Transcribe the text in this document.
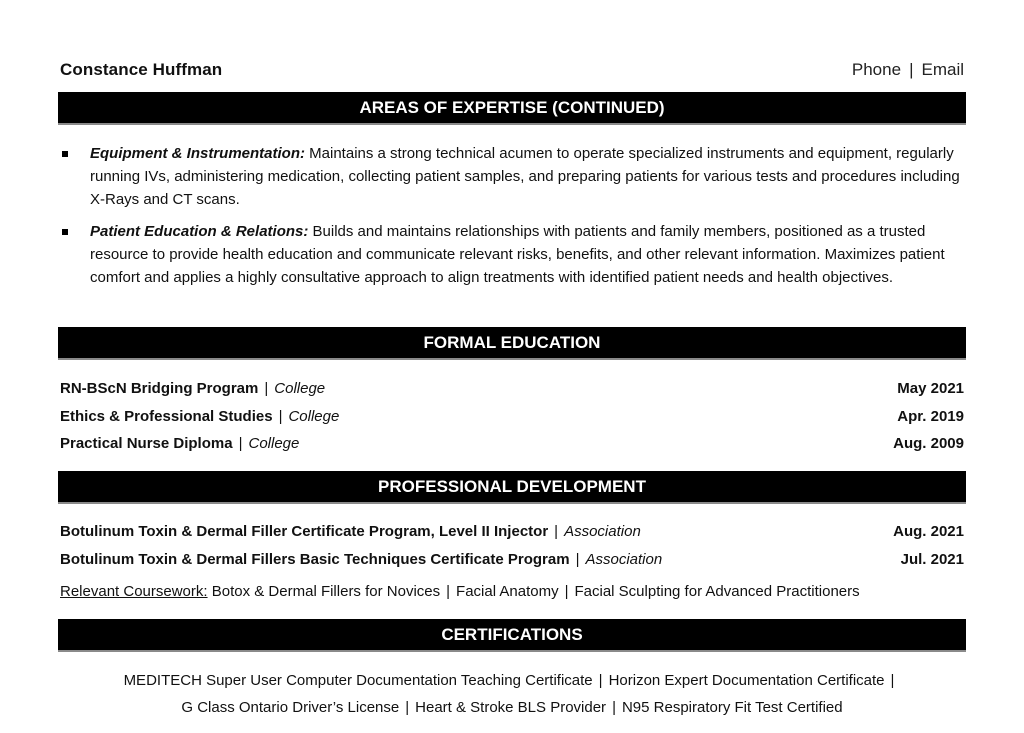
Constance Huffman	Phone | Email
AREAS OF EXPERTISE (CONTINUED)
Equipment & Instrumentation: Maintains a strong technical acumen to operate specialized instruments and equipment, regularly running IVs, administering medication, collecting patient samples, and preparing patients for various tests and procedures including X-Rays and CT scans.
Patient Education & Relations: Builds and maintains relationships with patients and family members, positioned as a trusted resource to provide health education and communicate relevant risks, benefits, and other relevant information. Maximizes patient comfort and applies a highly consultative approach to align treatments with identified patient needs and health objectives.
FORMAL EDUCATION
RN-BScN Bridging Program | College	May 2021
Ethics & Professional Studies | College	Apr. 2019
Practical Nurse Diploma | College	Aug. 2009
PROFESSIONAL DEVELOPMENT
Botulinum Toxin & Dermal Filler Certificate Program, Level II Injector | Association	Aug. 2021
Botulinum Toxin & Dermal Fillers Basic Techniques Certificate Program | Association	Jul. 2021
Relevant Coursework: Botox & Dermal Fillers for Novices | Facial Anatomy | Facial Sculpting for Advanced Practitioners
CERTIFICATIONS
MEDITECH Super User Computer Documentation Teaching Certificate | Horizon Expert Documentation Certificate |
G Class Ontario Driver’s License | Heart & Stroke BLS Provider | N95 Respiratory Fit Test Certified
